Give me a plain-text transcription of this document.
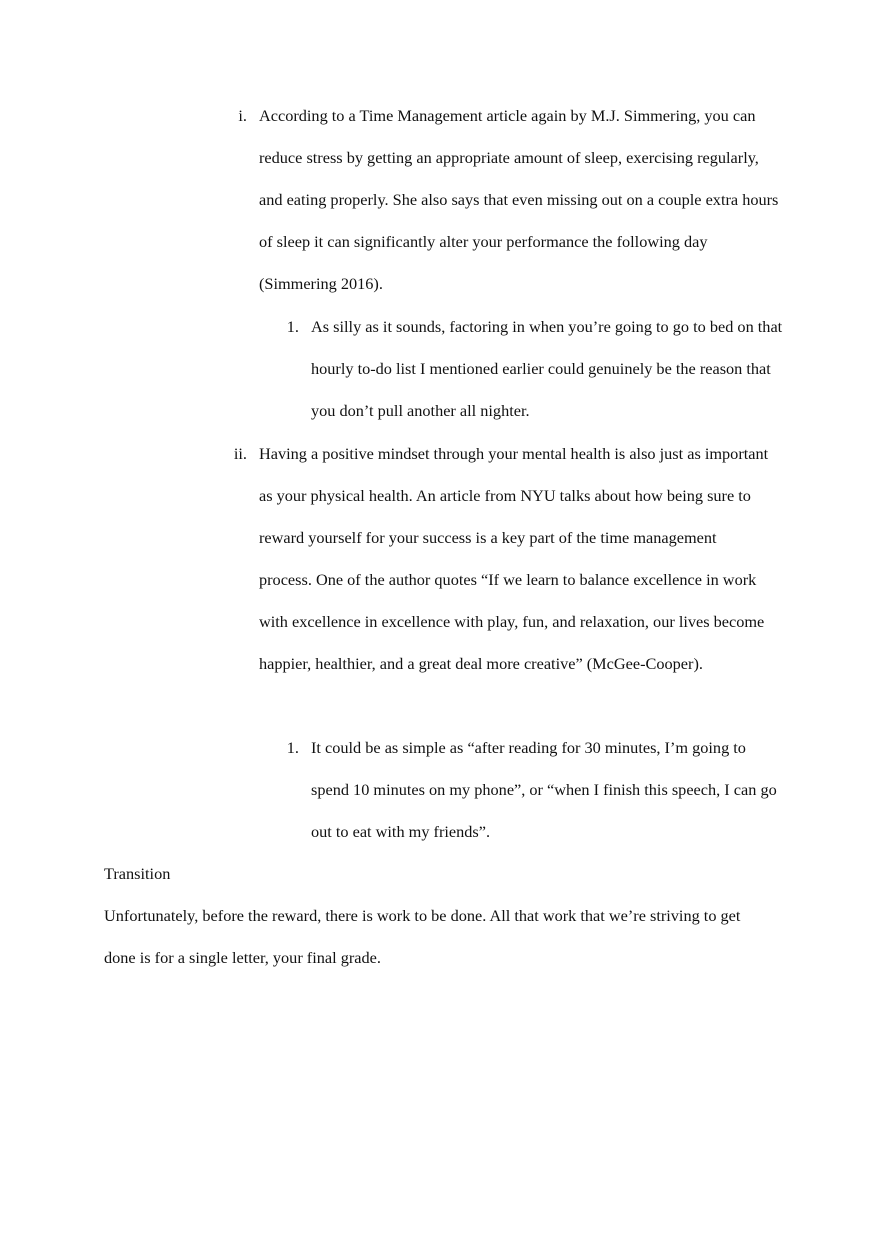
i. According to a Time Management article again by M.J. Simmering, you can reduce stress by getting an appropriate amount of sleep, exercising regularly, and eating properly. She also says that even missing out on a couple extra hours of sleep it can significantly alter your performance the following day (Simmering 2016).

1. As silly as it sounds, factoring in when you’re going to go to bed on that hourly to-do list I mentioned earlier could genuinely be the reason that you don’t pull another all nighter.

ii. Having a positive mindset through your mental health is also just as important as your physical health. An article from NYU talks about how being sure to reward yourself for your success is a key part of the time management process. One of the author quotes “If we learn to balance excellence in work with excellence in excellence with play, fun, and relaxation, our lives become happier, healthier, and a great deal more creative” (McGee-Cooper).

1. It could be as simple as “after reading for 30 minutes, I’m going to spend 10 minutes on my phone”, or “when I finish this speech, I can go out to eat with my friends”.

Transition

Unfortunately, before the reward, there is work to be done. All that work that we’re striving to get done is for a single letter, your final grade.
